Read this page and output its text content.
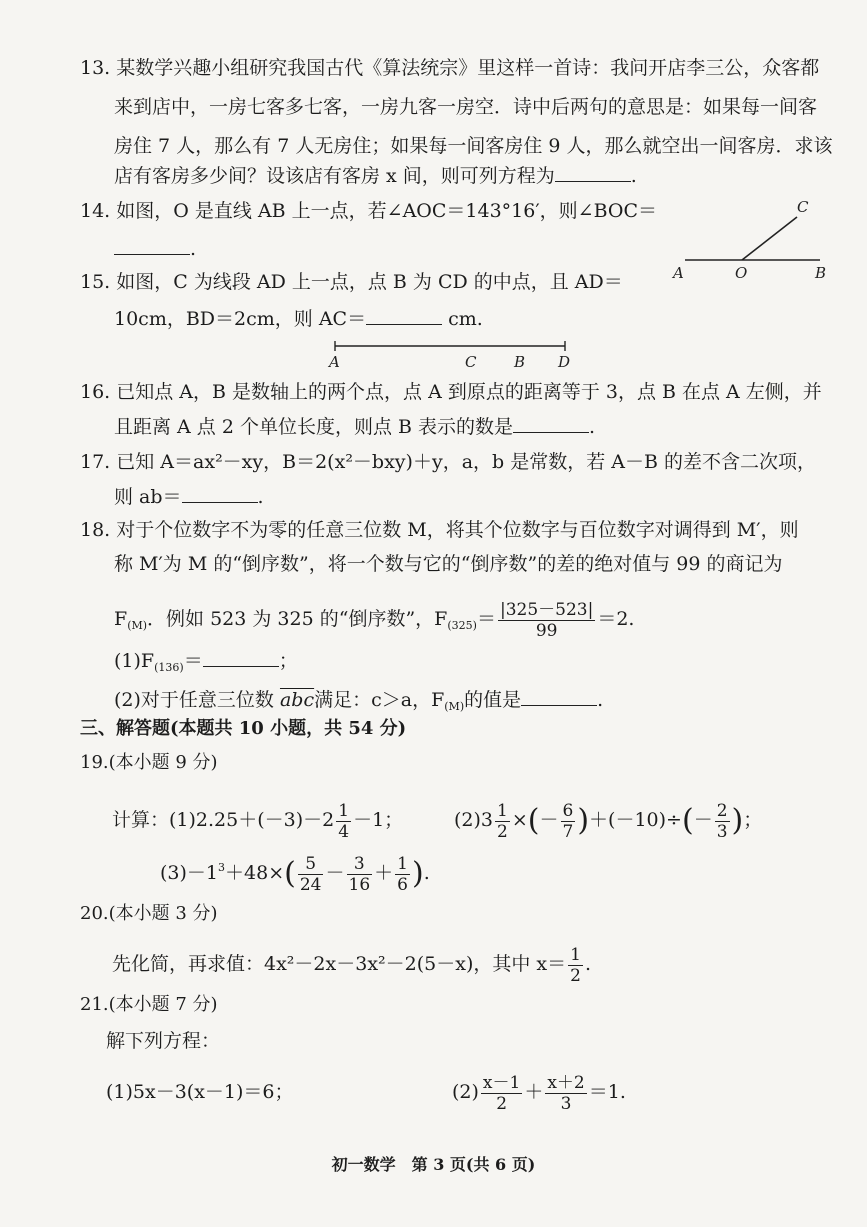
13. 某数学兴趣小组研究我国古代《算法统宗》里这样一首诗：我问开店李三公，众客都
来到店中，一房七客多七客，一房九客一房空．诗中后两句的意思是：如果每一间客
房住 7 人，那么有 7 人无房住；如果每一间客房住 9 人，那么就空出一间客房．求该
店有客房多少间？设该店有客房 x 间，则可列方程为	.
14. 如图，O 是直线 AB 上一点，若∠AOC＝143°16′，则∠BOC＝
.
C
A	O	B
15. 如图，C 为线段 AD 上一点，点 B 为 CD 的中点，且 AD＝
10cm，BD＝2cm，则 AC＝	cm.
A	C	B D
16. 已知点 A，B 是数轴上的两个点，点 A 到原点的距离等于 3，点 B 在点 A 左侧，并
且距离 A 点 2 个单位长度，则点 B 表示的数是	.
17. 已知 A＝ax²－xy，B＝2(x²－bxy)＋y，a，b 是常数，若 A－B 的差不含二次项，
则 ab＝	.
18. 对于个位数字不为零的任意三位数 M，将其个位数字与百位数字对调得到 M′，则
称 M′为 M 的“倒序数”，将一个数与它的“倒序数”的差的绝对值与 99 的商记为
$F_{(M)}$．例如 523 为 325 的“倒序数”，$F_{(325)}= \frac{|325-523|}{99} =2$.
$(1)F_{(136)}=$	；
(2)对于任意三位数 $\overline{abc}$满足：c＞a，$F_{(M)}$的值是	.
三、解答题(本题共 10 小题，共 54 分)
19.(本小题 9 分)
计算：$(1)2.25+(-3)-2 \frac{1}{4} -1$；	$(2)3 \frac{1}{2}$ ×(－ $\frac{6}{7} )+(-10)\div(- \frac{2}{3}$ )；
$(3)-1^3+48\times( \frac{5}{24} - \frac{3}{16} + \frac{1}{6}$ ).
20.(本小题 3 分)
先化简，再求值：4x²－2x－3x²－2(5－x)，其中 $x= \frac{1}{2}$ .
21.(本小题 7 分)
解下列方程：
(1)5x－3(x－1)＝6；	$(2) \frac{x-1}{2} + \frac{x+2}{3} =1$.
初一数学　第 3 页(共 6 页)
